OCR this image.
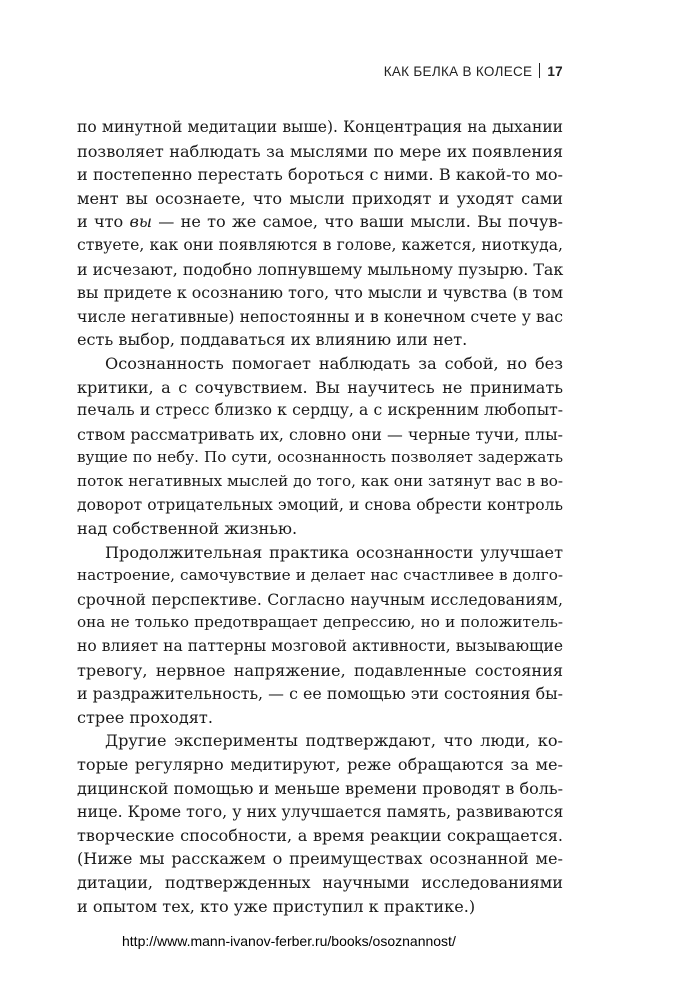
КАК БЕЛКА В КОЛЕСЕ 17

по минутной медитации выше). Концентрация на дыхании
позволяет наблюдать за мыслями по мере их появления
и постепенно перестать бороться с ними. В какой-то мо-
мент вы осознаете, что мысли приходят и уходят сами
и что вы — не то же самое, что ваши мысли. Вы почув-
ствуете, как они появляются в голове, кажется, ниоткуда,
и исчезают, подобно лопнувшему мыльному пузырю. Так
вы придете к осознанию того, что мысли и чувства (в том
числе негативные) непостоянны и в конечном счете у вас
есть выбор, поддаваться их влиянию или нет.

Осознанность помогает наблюдать за собой, но без
критики, а с сочувствием. Вы научитесь не принимать
печаль и стресс близко к сердцу, а с искренним любопыт-
ством рассматривать их, словно они — черные тучи, плы-
вущие по небу. По сути, осознанность позволяет задержать
поток негативных мыслей до того, как они затянут вас в во-
доворот отрицательных эмоций, и снова обрести контроль
над собственной жизнью.

Продолжительная практика осознанности улучшает
настроение, самочувствие и делает нас счастливее в долго-
срочной перспективе. Согласно научным исследованиям,
она не только предотвращает депрессию, но и положитель-
но влияет на паттерны мозговой активности, вызывающие
тревогу, нервное напряжение, подавленные состояния
и раздражительность, — с ее помощью эти состояния бы-
стрее проходят.

Другие эксперименты подтверждают, что люди, ко-
торые регулярно медитируют, реже обращаются за ме-
дицинской помощью и меньше времени проводят в боль-
нице. Кроме того, у них улучшается память, развиваются
творческие способности, а время реакции сокращается.
(Ниже мы расскажем о преимуществах осознанной ме-
дитации, подтвержденных научными исследованиями
и опытом тех, кто уже приступил к практике.)

http://www.mann-ivanov-ferber.ru/books/osoznannost/
